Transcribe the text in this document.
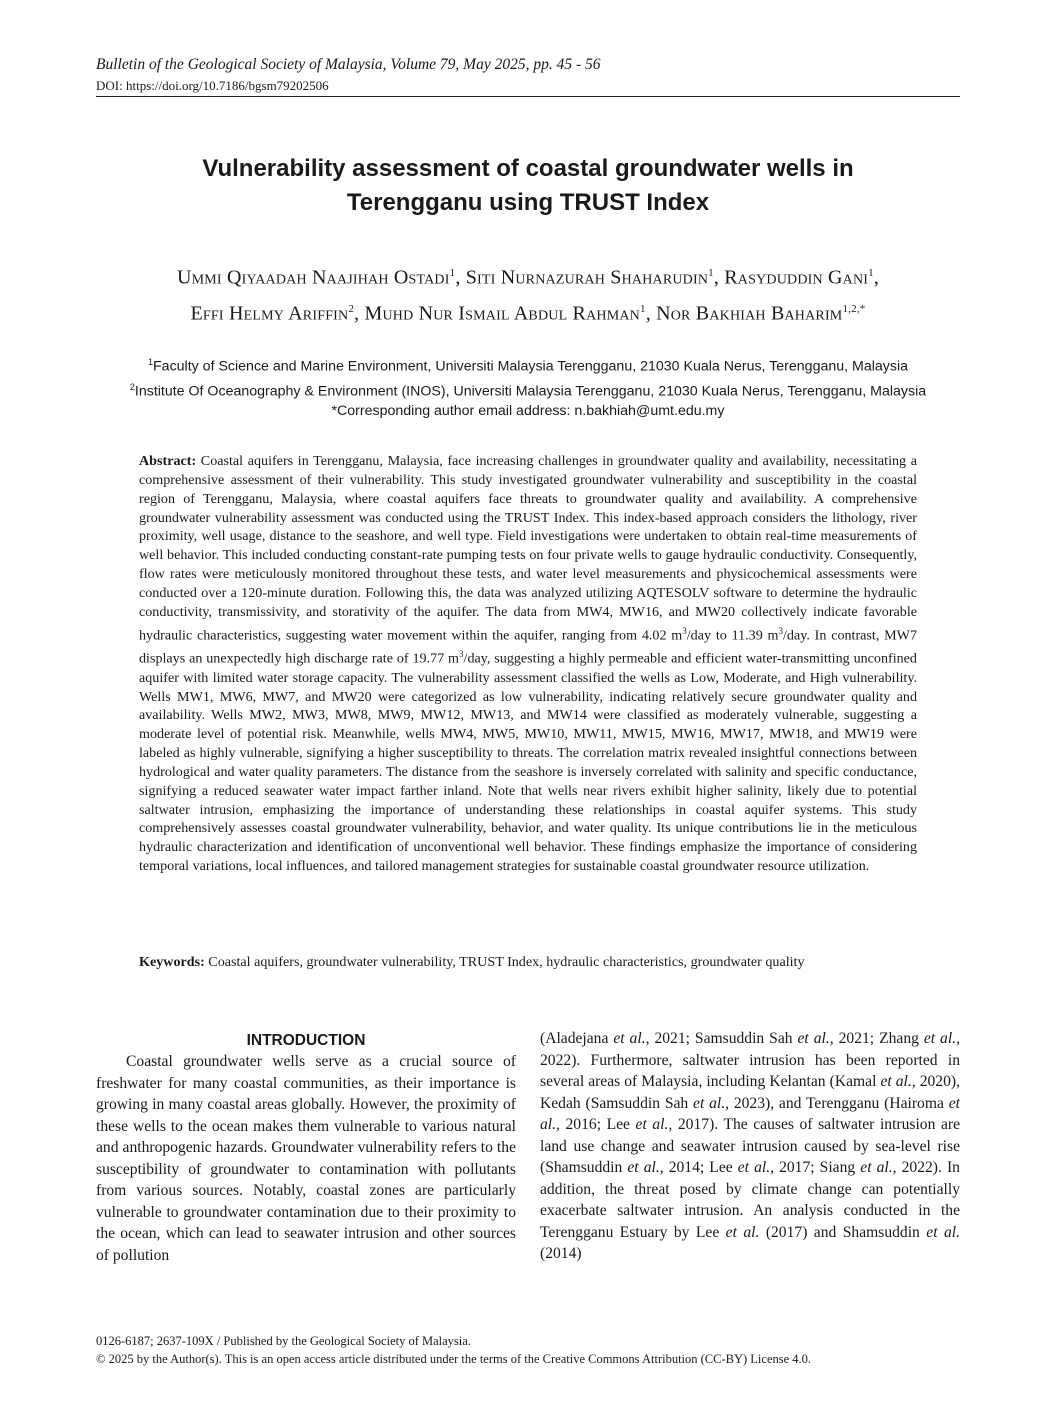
Bulletin of the Geological Society of Malaysia, Volume 79, May 2025, pp. 45 - 56
DOI: https://doi.org/10.7186/bgsm79202506
Vulnerability assessment of coastal groundwater wells in
Terengganu using TRUST Index
Ummi Qiyaadah Naajihah Ostadi$^1$, Siti Nurnazurah Shaharudin$^1$, Rasyduddin Gani$^1$,
Effi Helmy Ariffin$^2$, Muhd Nur Ismail Abdul Rahman$^1$, Nor Bakhiah Baharim$^{1,2,*}$
$^1$Faculty of Science and Marine Environment, Universiti Malaysia Terengganu, 21030 Kuala Nerus, Terengganu, Malaysia
$^2$Institute Of Oceanography & Environment (INOS), Universiti Malaysia Terengganu, 21030 Kuala Nerus, Terengganu, Malaysia
*Corresponding author email address: n.bakhiah@umt.edu.my
Abstract: Coastal aquifers in Terengganu, Malaysia, face increasing challenges in groundwater quality and availability, necessitating a comprehensive assessment of their vulnerability. This study investigated groundwater vulnerability and susceptibility in the coastal region of Terengganu, Malaysia, where coastal aquifers face threats to groundwater quality and availability. A comprehensive groundwater vulnerability assessment was conducted using the TRUST Index. This index-based approach considers the lithology, river proximity, well usage, distance to the seashore, and well type. Field investigations were undertaken to obtain real-time measurements of well behavior. This included conducting constant-rate pumping tests on four private wells to gauge hydraulic conductivity. Consequently, flow rates were meticulously monitored throughout these tests, and water level measurements and physicochemical assessments were conducted over a 120-minute duration. Following this, the data was analyzed utilizing AQTESOLV software to determine the hydraulic conductivity, transmissivity, and storativity of the aquifer. The data from MW4, MW16, and MW20 collectively indicate favorable hydraulic characteristics, suggesting water movement within the aquifer, ranging from 4.02 $m^3$/day to 11.39 $m^3$/day. In contrast, MW7 displays an unexpectedly high discharge rate of 19.77 $m^3$/day, suggesting a highly permeable and efficient water-transmitting unconfined aquifer with limited water storage capacity. The vulnerability assessment classified the wells as Low, Moderate, and High vulnerability. Wells MW1, MW6, MW7, and MW20 were categorized as low vulnerability, indicating relatively secure groundwater quality and availability. Wells MW2, MW3, MW8, MW9, MW12, MW13, and MW14 were classified as moderately vulnerable, suggesting a moderate level of potential risk. Meanwhile, wells MW4, MW5, MW10, MW11, MW15, MW16, MW17, MW18, and MW19 were labeled as highly vulnerable, signifying a higher susceptibility to threats. The correlation matrix revealed insightful connections between hydrological and water quality parameters. The distance from the seashore is inversely correlated with salinity and specific conductance, signifying a reduced seawater water impact farther inland. Note that wells near rivers exhibit higher salinity, likely due to potential saltwater intrusion, emphasizing the importance of understanding these relationships in coastal aquifer systems. This study comprehensively assesses coastal groundwater vulnerability, behavior, and water quality. Its unique contributions lie in the meticulous hydraulic characterization and identification of unconventional well behavior. These findings emphasize the importance of considering temporal variations, local influences, and tailored management strategies for sustainable coastal groundwater resource utilization.
Keywords: Coastal aquifers, groundwater vulnerability, TRUST Index, hydraulic characteristics, groundwater quality
INTRODUCTION
Coastal groundwater wells serve as a crucial source of freshwater for many coastal communities, as their importance is growing in many coastal areas globally. However, the proximity of these wells to the ocean makes them vulnerable to various natural and anthropogenic hazards. Groundwater vulnerability refers to the susceptibility of groundwater to contamination with pollutants from various sources. Notably, coastal zones are particularly vulnerable to groundwater contamination due to their proximity to the ocean, which can lead to seawater intrusion and other sources of pollution
(Aladejana et al., 2021; Samsuddin Sah et al., 2021; Zhang et al., 2022). Furthermore, saltwater intrusion has been reported in several areas of Malaysia, including Kelantan (Kamal et al., 2020), Kedah (Samsuddin Sah et al., 2023), and Terengganu (Hairoma et al., 2016; Lee et al., 2017). The causes of saltwater intrusion are land use change and seawater intrusion caused by sea-level rise (Shamsuddin et al., 2014; Lee et al., 2017; Siang et al., 2022). In addition, the threat posed by climate change can potentially exacerbate saltwater intrusion. An analysis conducted in the Terengganu Estuary by Lee et al. (2017) and Shamsuddin et al. (2014)
0126-6187; 2637-109X / Published by the Geological Society of Malaysia.
© 2025 by the Author(s). This is an open access article distributed under the terms of the Creative Commons Attribution (CC-BY) License 4.0.
